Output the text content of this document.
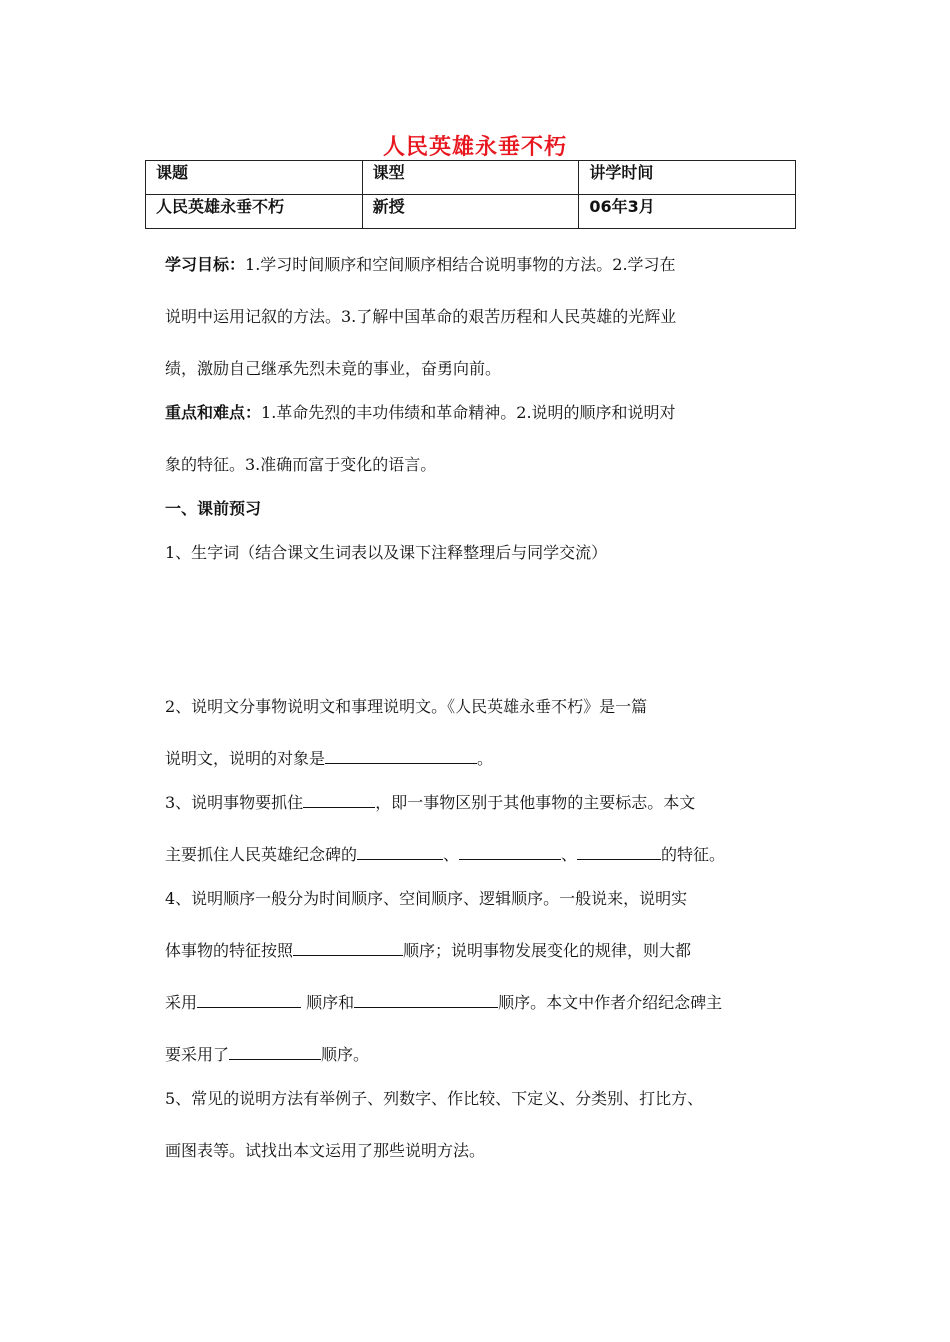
人民英雄永垂不朽
课题	课型	讲学时间
人民英雄永垂不朽	新授	06年3月
学习目标：1.学习时间顺序和空间顺序相结合说明事物的方法。2.学习在
说明中运用记叙的方法。3.了解中国革命的艰苦历程和人民英雄的光辉业
绩，激励自己继承先烈未竟的事业，奋勇向前。
重点和难点：1.革命先烈的丰功伟绩和革命精神。2.说明的顺序和说明对
象的特征。3.准确而富于变化的语言。
一、课前预习
1、生字词（结合课文生词表以及课下注释整理后与同学交流）
2、说明文分事物说明文和事理说明文。《人民英雄永垂不朽》是一篇
说明文，说明的对象是	。
3、说明事物要抓住	，即一事物区别于其他事物的主要标志。本文
主要抓住人民英雄纪念碑的	、	、	的特征。
4、说明顺序一般分为时间顺序、空间顺序、逻辑顺序。一般说来，说明实
体事物的特征按照	顺序；说明事物发展变化的规律，则大都
采用	顺序和	顺序。本文中作者介绍纪念碑主
要采用了	顺序。
5、常见的说明方法有举例子、列数字、作比较、下定义、分类别、打比方、
画图表等。试找出本文运用了那些说明方法。
